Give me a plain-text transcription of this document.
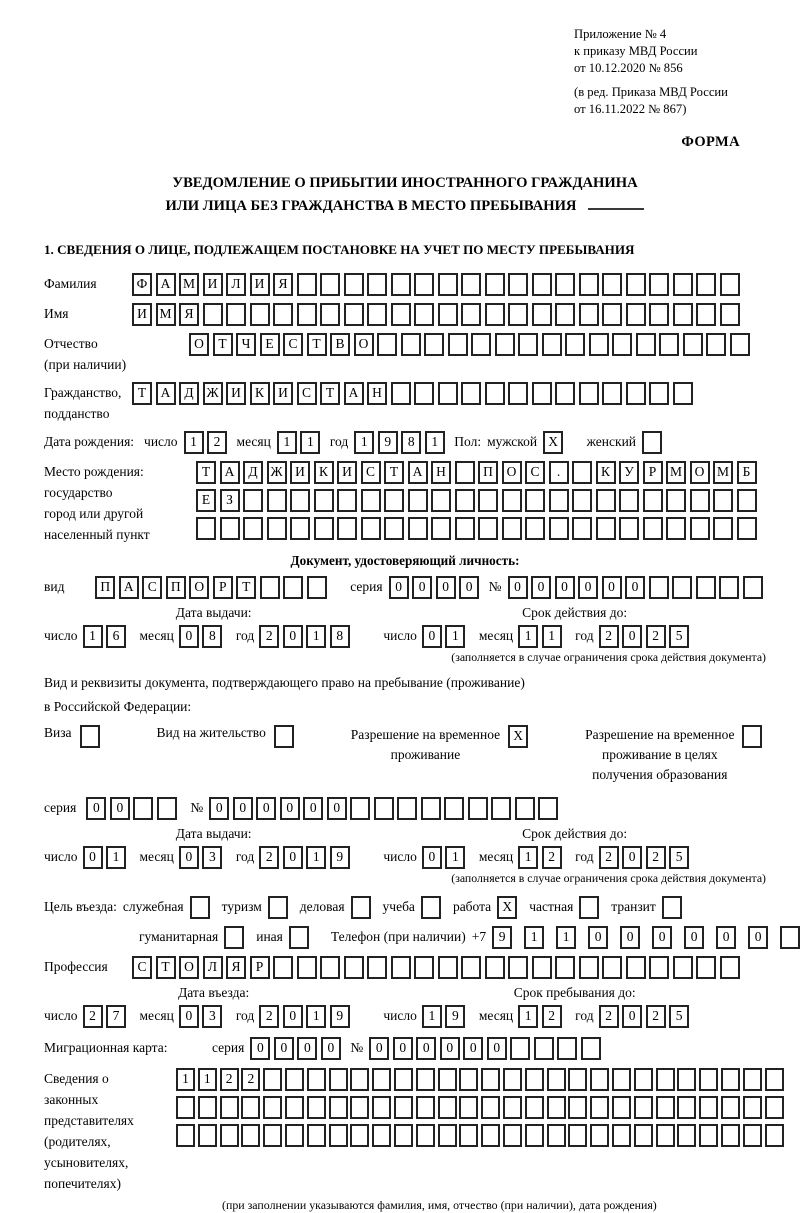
Приложение № 4
к приказу МВД России
от 10.12.2020 № 856
(в ред. Приказа МВД России
от 16.11.2022 № 867)
ФОРМА
УВЕДОМЛЕНИЕ О ПРИБЫТИИ ИНОСТРАННОГО ГРАЖДАНИНА
ИЛИ ЛИЦА БЕЗ ГРАЖДАНСТВА В МЕСТО ПРЕБЫВАНИЯ
1. СВЕДЕНИЯ О ЛИЦЕ, ПОДЛЕЖАЩЕМ ПОСТАНОВКЕ НА УЧЕТ ПО МЕСТУ ПРЕБЫВАНИЯ
Фамилия	Ф А М И	Л	И	Я
Имя	И М Я
Отчество
(при наличии)
О	Т	Ч	Е	С	Т	В	О
Гражданство,
подданство
Т	А	Д Ж И	К	И	С	Т	А	Н
Дата рождения: число 1	2	месяц 1	1	год 1	9	8	1	Пол: мужской X	женский
Место рождения:
государство
город или другой
населенный пункт
Т	А	Д Ж И	К	И	С	Т	А	Н	П	О	С	.	К	У	Р	М О М	Б
Е	З
Документ, удостоверяющий личность:
вид	П	А	С	П	О	Р	Т	серия 0	0	0	0	№ 0	0	0	0	0	0
Дата выдачи:
число 1	6	месяц 0	8	год 2	0	1	8
Срок действия до:
число 0	1	месяц 1	1	год 2	0	2	5
(заполняется в случае ограничения срока действия документа)
Вид и реквизиты документа, подтверждающего право на пребывание (проживание)
в Российской Федерации:
Виза	Вид на жительство	Разрешение на временное
проживание
X	Разрешение на временное
проживание в целях
получения образования
серия	0	0	№ 0	0	0	0	0	0
Дата выдачи:
число 0	1	месяц 0	3	год 2	0	1	9
Срок действия до:
число 0	1	месяц 1	2	год 2	0	2	5
(заполняется в случае ограничения срока действия документа)
Цель въезда: служебная	туризм	деловая	учеба	работа X	частная	транзит
гуманитарная	иная	Телефон (при наличии) +7 9	1	1	0	0	0	0	0	0
Профессия	С	Т	О	Л	Я	Р
Дата въезда:
число 2	7	месяц 0	3	год 2	0	1	9
Срок пребывания до:
число 1	9	месяц 1	2	год 2	0	2	5
Миграционная карта:	серия 0	0	0	0	№ 0	0	0	0	0	0
Сведения о
законных
представителях
(родителях,
усыновителях,
попечителях)
1	1	2	2
(при заполнении указываются фамилия, имя, отчество (при наличии), дата рождения)
